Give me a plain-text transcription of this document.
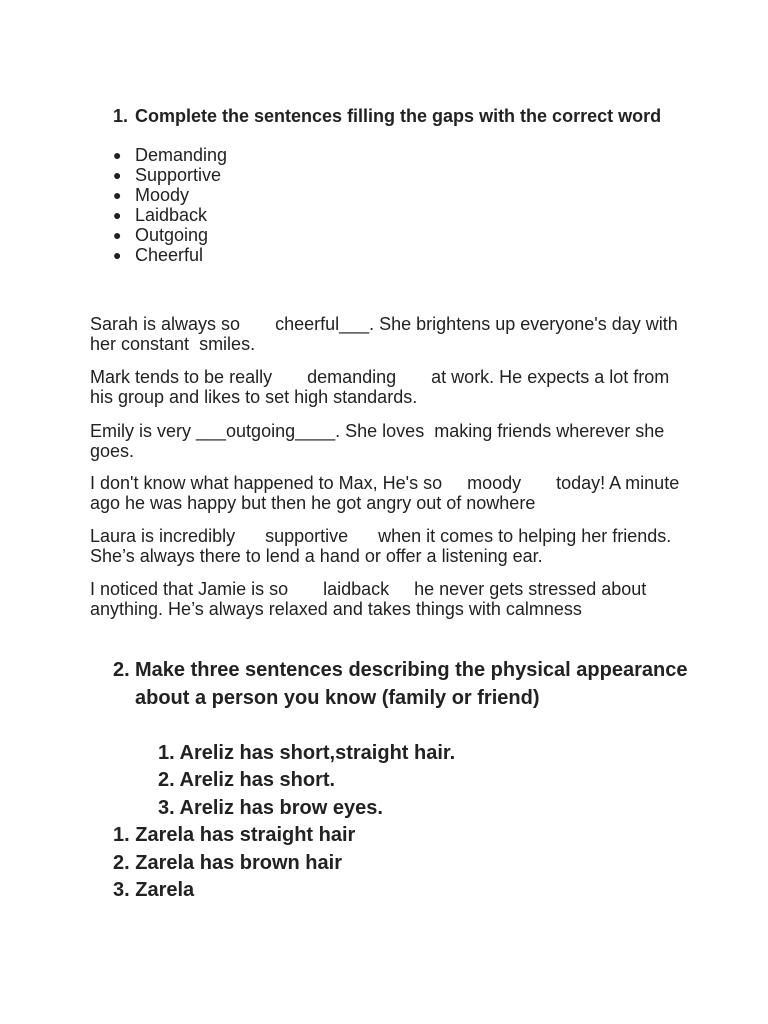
1. Complete the sentences filling the gaps with the correct word
● Demanding
● Supportive
● Moody
● Laidback
● Outgoing
● Cheerful
Sarah is always so       cheerful___. She brightens up everyone's day with her constant  smiles.
Mark tends to be really       demanding       at work. He expects a lot from his group and likes to set high standards.
Emily is very ___outgoing____. She loves  making friends wherever she goes.
I don't know what happened to Max, He's so     moody       today! A minute ago he was happy but then he got angry out of nowhere
Laura is incredibly      supportive      when it comes to helping her friends. She’s always there to lend a hand or offer a listening ear.
I noticed that Jamie is so       laidback     he never gets stressed about anything. He’s always relaxed and takes things with calmness
2. Make three sentences describing the physical appearance about a person you know (family or friend)
1. Areliz has short,straight hair.
2. Areliz has short.
3. Areliz has brow eyes.
1. Zarela has straight hair
2. Zarela has brown hair
3. Zarela
